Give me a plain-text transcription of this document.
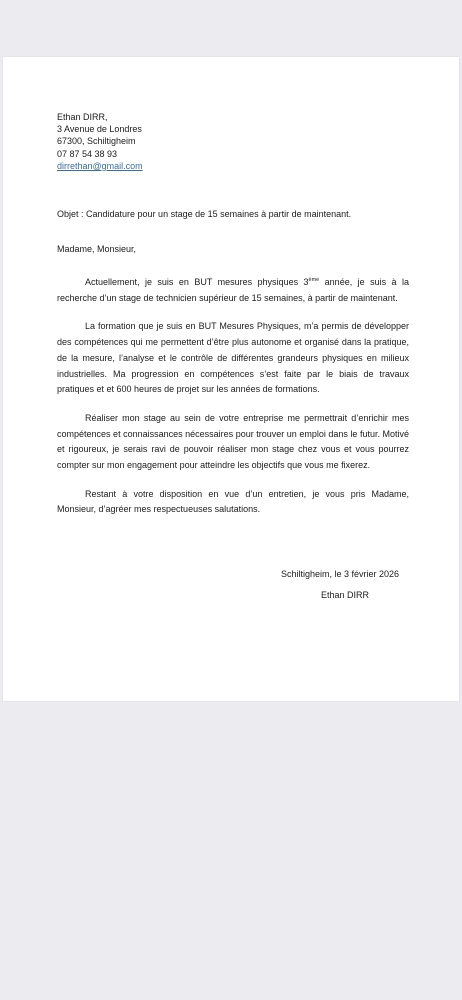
Ethan DIRR,
3 Avenue de Londres
67300, Schiltigheim
07 87 54 38 93
dirrethan@gmail.com
Objet : Candidature pour un stage de 15 semaines à partir de maintenant.
Madame, Monsieur,

Actuellement, je suis en BUT mesures physiques 3ème année, je suis à la recherche d’un stage de technicien supérieur de 15 semaines, à partir de maintenant.

La formation que je suis en BUT Mesures Physiques, m’a permis de développer des compétences qui me permettent d’être plus autonome et organisé dans la pratique, de la mesure, l’analyse et le contrôle de différentes grandeurs physiques en milieux industrielles. Ma progression en compétences s’est faite par le biais de travaux pratiques et et 600 heures de projet sur les années de formations.

Réaliser mon stage au sein de votre entreprise me permettrait d’enrichir mes compétences et connaissances nécessaires pour trouver un emploi dans le futur. Motivé et rigoureux, je serais ravi de pouvoir réaliser mon stage chez vous et vous pourrez compter sur mon engagement pour atteindre les objectifs que vous me fixerez.

Restant à votre disposition en vue d’un entretien, je vous pris Madame, Monsieur, d’agréer mes respectueuses salutations.

Schiltigheim, le 3 février 2026
Ethan DIRR
